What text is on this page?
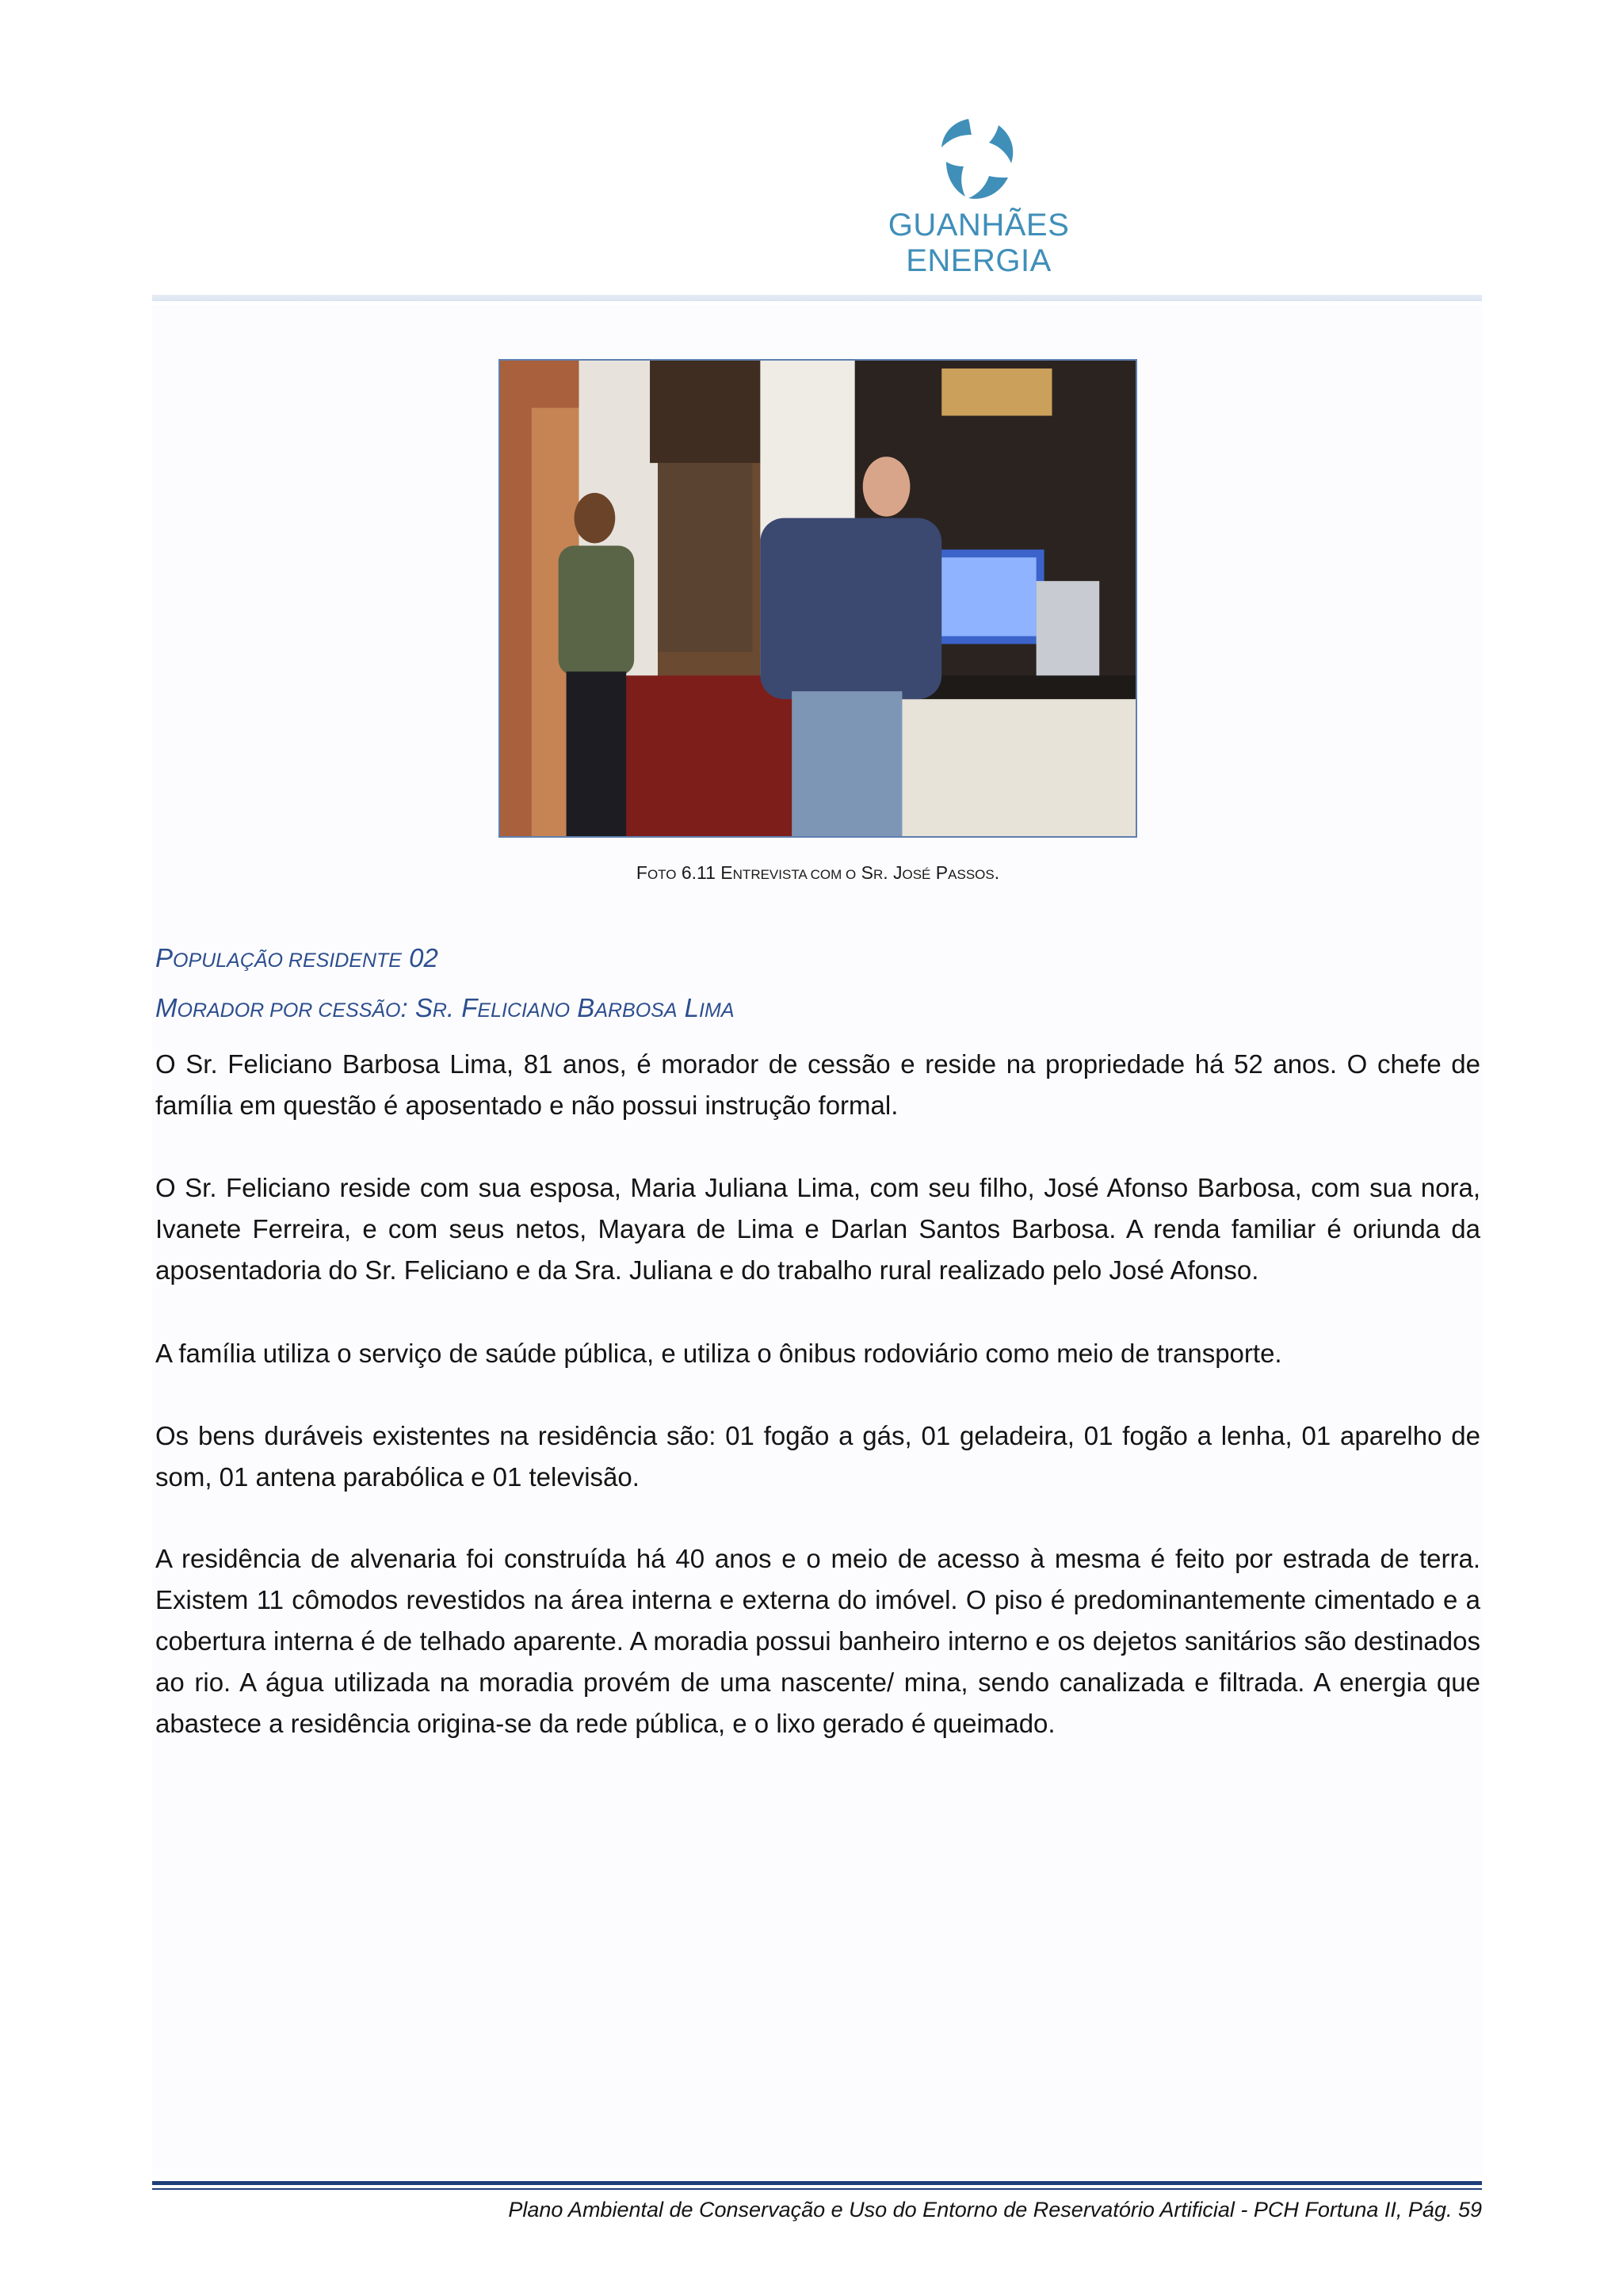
GUANHÃES ENERGIA
FOTO 6.11 ENTREVISTA COM O SR. JOSÉ PASSOS.
POPULAÇÃO RESIDENTE 02
MORADOR POR CESSÃO: SR. FELICIANO BARBOSA LIMA
O Sr. Feliciano Barbosa Lima, 81 anos, é morador de cessão e reside na propriedade há 52 anos. O chefe de família em questão é aposentado e não possui instrução formal.
O Sr. Feliciano reside com sua esposa, Maria Juliana Lima, com seu filho, José Afonso Barbosa, com sua nora, Ivanete Ferreira, e com seus netos, Mayara de Lima e Darlan Santos Barbosa. A renda familiar é oriunda da aposentadoria do Sr. Feliciano e da Sra. Juliana e do trabalho rural realizado pelo José Afonso.
A família utiliza o serviço de saúde pública, e utiliza o ônibus rodoviário como meio de transporte.
Os bens duráveis existentes na residência são: 01 fogão a gás, 01 geladeira, 01 fogão a lenha, 01 aparelho de som, 01 antena parabólica e 01 televisão.
A residência de alvenaria foi construída há 40 anos e o meio de acesso à mesma é feito por estrada de terra. Existem 11 cômodos revestidos na área interna e externa do imóvel. O piso é predominantemente cimentado e a cobertura interna é de telhado aparente. A moradia possui banheiro interno e os dejetos sanitários são destinados ao rio. A água utilizada na moradia provém de uma nascente/ mina, sendo canalizada e filtrada. A energia que abastece a residência origina-se da rede pública, e o lixo gerado é queimado.
Plano Ambiental de Conservação e Uso do Entorno de Reservatório Artificial - PCH Fortuna II, Pág. 59
